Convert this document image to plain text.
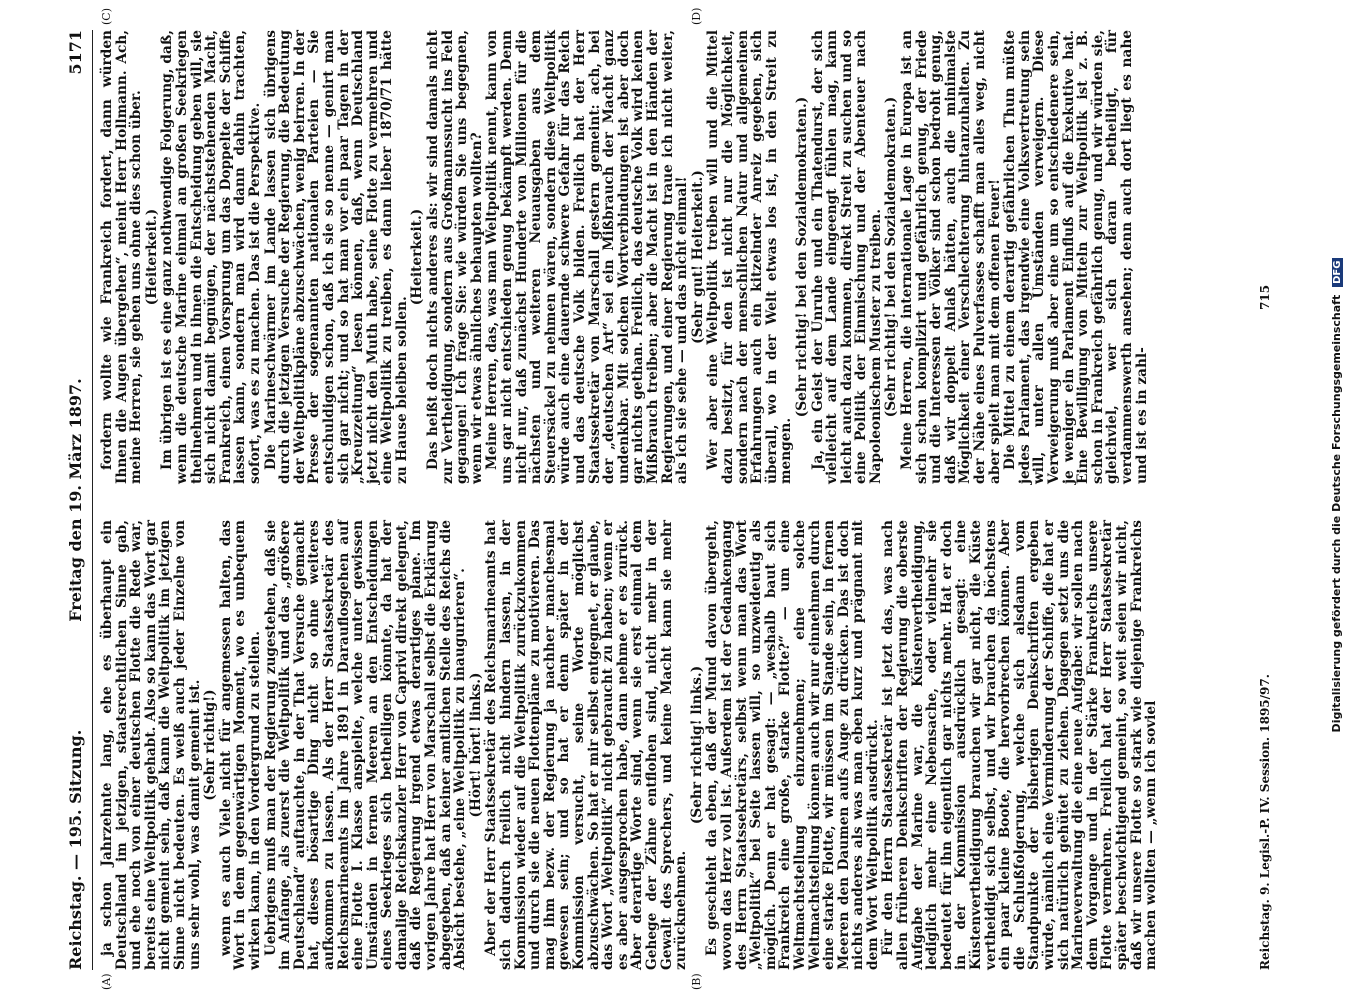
Reichstag. — 195. Sitzung.
Freitag den 19. März 1897.
5171
(A)	(B)
(C)	(D)

ja schon Jahrzehnte lang, ehe es überhaupt ein Deutschland im jetzigen, staatsrechtlichen Sinne gab, und ehe noch von einer deutschen Flotte die Rede war, bereits eine Weltpolitik gehabt. Also so kann das Wort gar nicht gemeint sein, daß kann die Weltpolitik im jetzigen Sinne nicht bedeuten. Es weiß auch jeder Einzelne von uns sehr wohl, was damit gemeint ist. (Sehr richtig!) wenn es auch Viele nicht für angemessen halten, das Wort in dem gegenwärtigen Moment, wo es unbequem wirken kann, in den Vordergrund zu stellen. Uebrigens muß man der Regierung zugestehen, daß sie im Anfange, als zuerst die Weltpolitik und das „größere Deutschland“ auftauchte, in der That Versuche gemacht hat, dieses bösartige Ding nicht so ohne weiteres aufkommen zu lassen. Als der Herr Staatssekretär des Reichsmarineamts im Jahre 1891 in Darauflosgehen auf eine Flotte I. Klasse anspielte, welche unter gewissen Umständen in fernen Meeren an den Entscheidungen eines Seekrieges sich betheiligen könnte, da hat der damalige Reichskanzler Herr von Caprivi direkt gelegnet, daß die Regierung irgend etwas derartiges plane. Im vorigen Jahre hat Herr von Marschall selbst die Erklärung abgegeben, daß an keiner amtlichen Stelle des Reichs die Absicht bestehe, „eine Weltpolitik zu inaugurieren“. (Hört! hört! links.) Aber der Herr Staatssekretär des Reichsmarineamts hat sich dadurch freilich nicht hindern lassen, in der Kommission wieder auf die Weltpolitik zurückzukommen und durch sie die neuen Flottenpläne zu motivieren. Das mag ihm bezw. der Regierung ja nachher manchesmal gewesen sein; und so hat er denn später in der Kommission versucht, seine Worte möglichst abzuschwächen. So hat er mir selbst entgegnet, er glaube, das Wort „Weltpolitik“ nicht gebraucht zu haben; wenn er es aber ausgesprochen habe, dann nehme er es zurück. Aber derartige Worte sind, wenn sie erst einmal dem Gehege der Zähne entflohen sind, nicht mehr in der Gewalt des Sprechers, und keine Macht kann sie mehr zurücknehmen.

(Sehr richtig! links.) Es geschieht da eben, daß der Mund davon übergeht, wovon das Herz voll ist. Außerdem ist der Gedankengang des Herrn Staatssekretärs, selbst wenn man das Wort „Weltpolitik“ bei Seite lassen will, so unzweideutig als möglich. Denn er hat gesagt: — „weshalb baut sich Frankreich eine große, starke Flotte?“ — um eine Weltmachtstellung einzunehmen; eine solche Weltmachtstellung können auch wir nur einnehmen durch eine starke Flotte, wir müssen im Stande sein, in fernen Meeren den Daumen aufs Auge zu drücken. Das ist doch nichts anderes als was man eben kurz und prägnant mit dem Wort Weltpolitik ausdrückt. Für den Herrn Staatssekretär ist jetzt das, was nach allen früheren Denkschriften der Regierung die oberste Aufgabe der Marine war, die Küstenvertheidigung, lediglich mehr eine Nebensache, oder vielmehr sie bedeutet für ihn eigentlich gar nichts mehr. Hat er doch in der Kommission ausdrücklich gesagt: eine Küstenvertheidigung brauchen wir gar nicht, die Küste vertheidigt sich selbst, und wir brauchen da höchstens ein paar kleine Boote, die hervorbrechen können. Aber die Schlußfolgerung, welche sich alsdann vom Standpunkte der bisherigen Denkschriften ergeben würde, nämlich eine Verminderung der Schiffe, die hat er sich natürlich gehütet zu ziehen. Dagegen setzt uns die Marineverwaltung die eine neue Aufgabe: wir sollen nach dem Vorgange und in der Stärke Frankreichs unsere Flotte vermehren. Freilich hat der Herr Staatssekretär später beschwichtigend gemeint, so weit seien wir nicht, daß wir unsere Flotte so stark wie diejenige Frankreichs machen wollten — „wenn ich soviel

fordern wollte wie Frankreich fordert, dann würden Ihnen die Augen übergehen“, meint Herr Hollmann. Ach, meine Herren, sie gehen uns ohne dies schon über. (Heiterkeit.) Im übrigen ist es eine ganz nothwendige Folgerung, daß, wenn die deutsche Marine einmal an großen Seekriegen theilnehmen und in ihnen die Entscheidung geben will, sie sich nicht damit begnügen, der nächststehenden Macht, Frankreich, einen Vorsprung um das Doppelte der Schiffe lassen kann, sondern man wird dann dahin trachten, sofort, was es zu machen. Das ist die Perspektive. Die Marineschwärmer im Lande lassen sich übrigens durch die jetzigen Versuche der Regierung, die Bedeutung der Weltpolitikpläne abzuschwächen, wenig beirren. In der Presse der sogenannten nationalen Parteien — Sie entschuldigen schon, daß ich sie so nenne — genirt man sich gar nicht; und so hat man vor ein paar Tagen in der „Kreuzzeitung“ lesen können, daß, wenn Deutschland jetzt nicht den Muth habe, seine Flotte zu vermehren und eine Weltpolitik zu treiben, es dann lieber 1870/71 hätte zu Hause bleiben sollen.

(Heiterkeit.) Das heißt doch nichts anderes als: wir sind damals nicht zur Vertheidigung, sondern aus Großmannssucht ins Feld gegangen! Ich frage Sie: wie würden Sie uns begegnen, wenn wir etwas ähnliches behaupten wollten? Meine Herren, das, was man Weltpolitik nennt, kann von uns gar nicht entschieden genug bekämpft werden. Denn nicht nur, daß zunächst Hunderte von Millionen für die nächsten und weiteren Neuausgaben aus dem Steuersäckel zu nehmen wären, sondern diese Weltpolitik würde auch eine dauernde schwere Gefahr für das Reich und das deutsche Volk bilden. Freilich hat der Herr Staatssekretär von Marschall gestern gemeint: ach, bei der „deutschen Art“ sei ein Mißbrauch der Macht ganz undenkbar. Mit solchen Wortverbindungen ist aber doch gar nichts gethan. Freilich, das deutsche Volk wird keinen Mißbrauch treiben; aber die Macht ist in den Händen der Regierungen, und einer Regierung traue ich nicht weiter, als ich sie sehe — und das nicht einmal! (Sehr gut! Heiterkeit.) Wer aber eine Weltpolitik treiben will und die Mittel dazu besitzt, für den ist nicht nur die Möglichkeit, sondern nach der menschlichen Natur und allgemeinen Erfahrungen auch ein kitzelnder Anreiz gegeben, sich überall, wo in der Welt etwas los ist, in den Streit zu mengen.

(Sehr richtig! bei den Sozialdemokraten.) Ja, ein Geist der Unruhe und ein Thatendurst, der sich vielleicht auf dem Lande eingeengt fühlen mag, kann leicht auch dazu kommen, direkt Streit zu suchen und so eine Politik der Einmischung und der Abenteuer nach Napoleonischem Muster zu treiben. (Sehr richtig! bei den Sozialdemokraten.) Meine Herren, die internationale Lage in Europa ist an sich schon komplizirt und gefährlich genug, der Friede und die Interessen der Völker sind schon bedroht genug, daß wir doppelt Anlaß hätten, auch die minimalste Möglichkeit einer Verschlechterung hintanzuhalten. Zu der Nähe eines Pulverfasses schafft man alles weg, nicht aber spielt man mit dem offenen Feuer! Die Mittel zu einem derartig gefährlichen Thun müßte jedes Parlament, das irgendwie eine Volksvertretung sein will, unter allen Umständen verweigern. Diese Verweigerung muß aber eine um so entschiedenere sein, je weniger ein Parlament Einfluß auf die Exekutive hat. Eine Bewilligung von Mitteln zur Weltpolitik ist z. B. schon in Frankreich gefährlich genug, und wir würden sie, gleichviel, wer sich daran betheiligt, für verdammenswerth ansehen; denn auch dort liegt es nahe und ist es in zahl-

Reichstag. 9. Legisl.-P. IV. Session. 1895/97.
715	Digitalisierung gefördert durch die Deutsche Forschungsgemeinschaft DFG
